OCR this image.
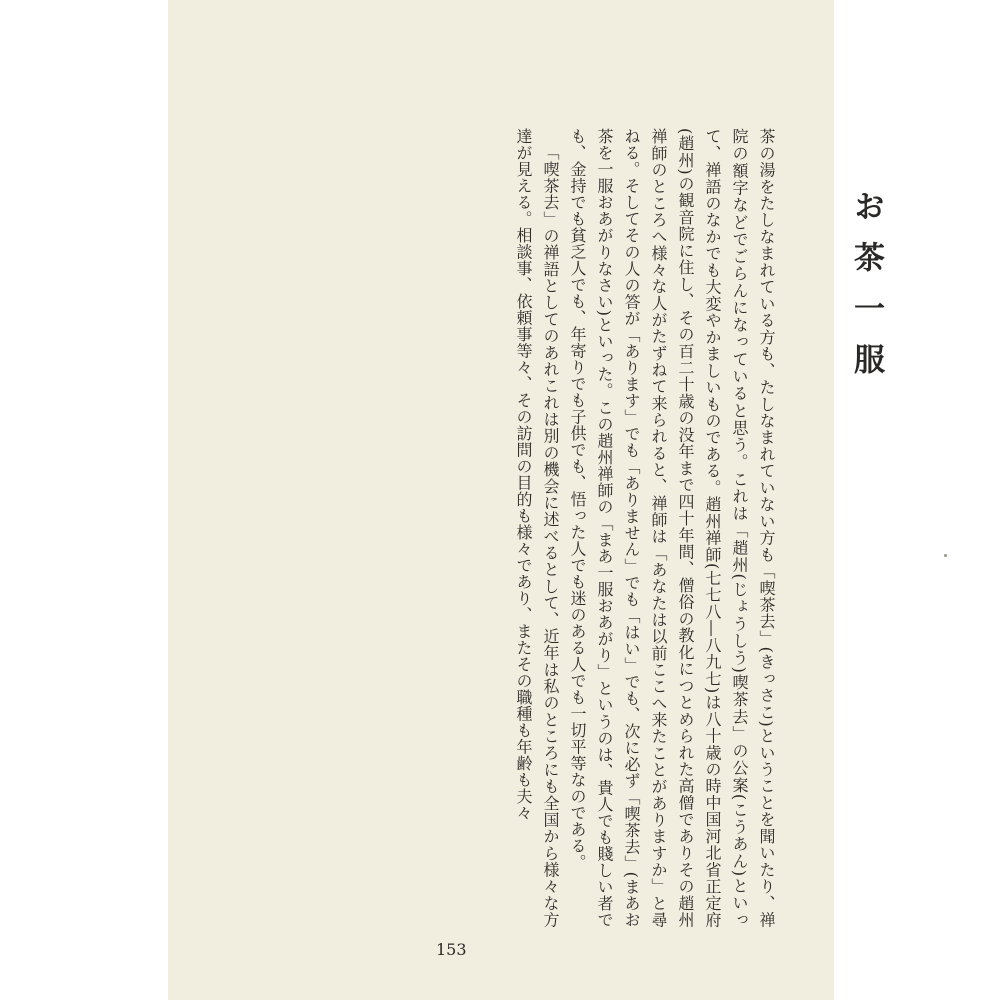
お茶一服

茶の湯をたしなまれている方も、たしなまれていない方も「喫茶去」(きっさこ)ということを聞いたり、禅院の額字などでごらんになっていると思う。これは「趙州(じょうしう)喫茶去」の公案(こうあん)といって、禅語のなかでも大変やかましいものである。趙州禅師(七七八―八九七)は八十歳の時中国河北省正定府(趙州)の観音院に住し、その百二十歳の没年まで四十年間、僧俗の教化につとめられた高僧でありその趙州禅師のところへ様々な人がたずねて来られると、禅師は「あなたは以前ここへ来たことがありますか」と尋ねる。そしてその人の答が「あります」でも「ありません」でも「はい」でも、次に必ず「喫茶去」(まあお茶を一服おあがりなさい)といった。この趙州禅師の「まあ一服おあがり」というのは、貴人でも賤しい者でも、金持でも貧乏人でも、年寄りでも子供でも、悟った人でも迷のある人でも一切平等なのである。

「喫茶去」の禅語としてのあれこれは別の機会に述べるとして、近年は私のところにも全国から様々な方達が見える。相談事、依頼事等々、その訪問の目的も様々であり、またその職種も年齢も夫々

153
